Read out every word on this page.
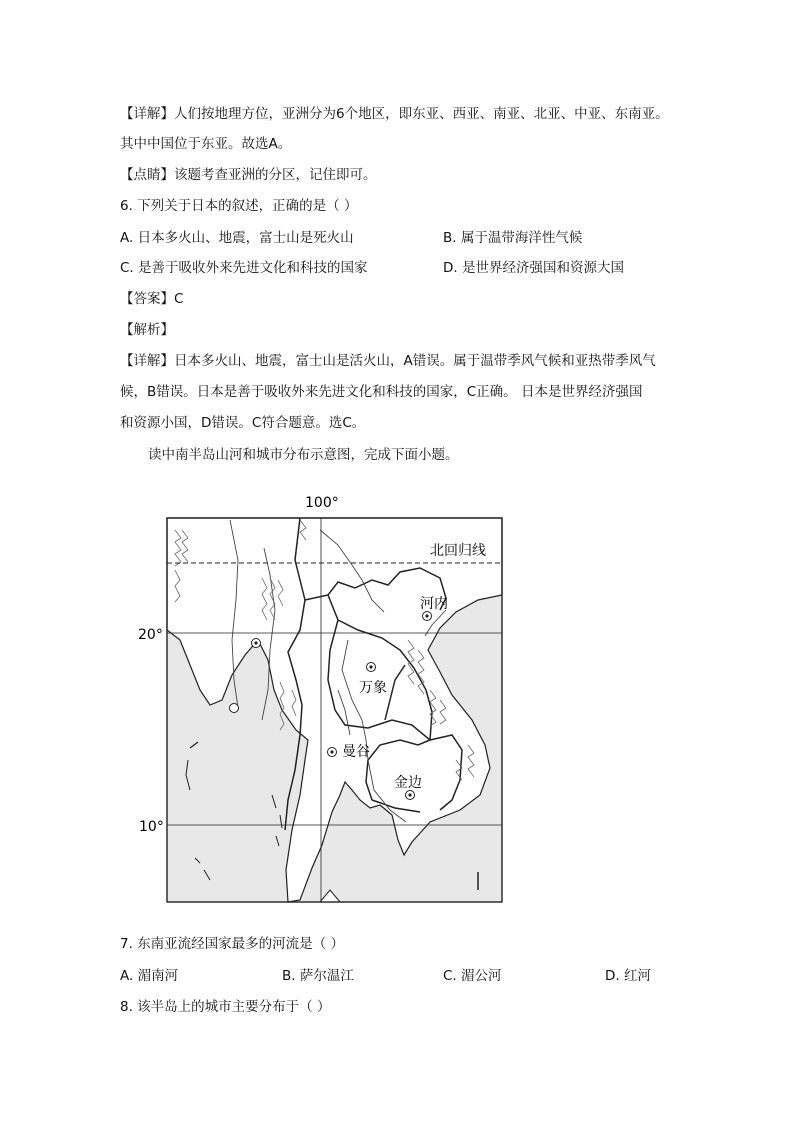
【详解】人们按地理方位，亚洲分为6个地区，即东亚、西亚、南亚、北亚、中亚、东南亚。
其中中国位于东亚。故选A。
【点睛】该题考查亚洲的分区，记住即可。
6. 下列关于日本的叙述，正确的是（ ）
A. 日本多火山、地震，富士山是死火山	B. 属于温带海洋性气候
C. 是善于吸收外来先进文化和科技的国家	D. 是世界经济强国和资源大国
【答案】C
【解析】
【详解】日本多火山、地震，富士山是活火山，A错误。属于温带季风气候和亚热带季风气
候，B错误。日本是善于吸收外来先进文化和科技的国家，C正确。 日本是世界经济强国
和资源小国，D错误。C符合题意。选C。
读中南半岛山河和城市分布示意图，完成下面小题。
100°
20°
10°
北回归线
河内
万象
曼谷
金边
7. 东南亚流经国家最多的河流是（ ）
A. 湄南河	B. 萨尔温江	C. 湄公河	D. 红河
8. 该半岛上的城市主要分布于（ ）
